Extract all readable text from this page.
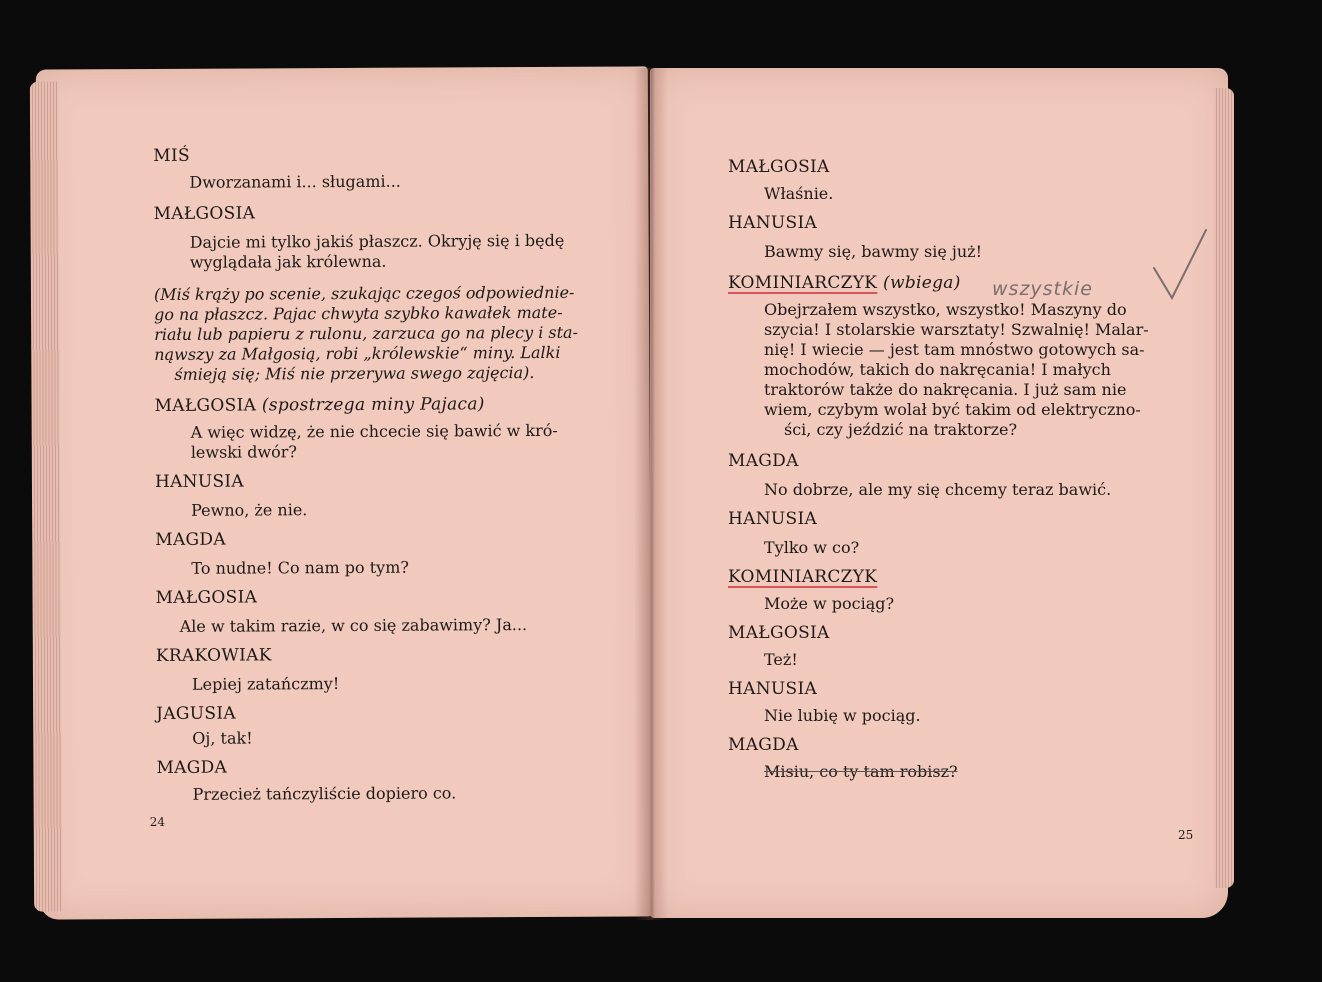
MIŚ

Dworzanami i... sługami...

MAŁGOSIA

Dajcie mi tylko jakiś płaszcz. Okryję się i będę

wyglądała jak królewna.

(Miś krąży po scenie, szukając czegoś odpowiednie-

go na płaszcz. Pajac chwyta szybko kawałek mate-

riału lub papieru z rulonu, zarzuca go na plecy i sta-

nąwszy za Małgosią, robi „królewskie“ miny. Lalki

śmieją się; Miś nie przerywa swego zajęcia).

MAŁGOSIA (spostrzega miny Pajaca)

A więc widzę, że nie chcecie się bawić w kró-

lewski dwór?

HANUSIA

Pewno, że nie.

MAGDA

To nudne! Co nam po tym?

MAŁGOSIA

Ale w takim razie, w co się zabawimy? Ja...

KRAKOWIAK

Lepiej zatańczmy!

JAGUSIA

Oj, tak!

MAGDA

Przecież tańczyliście dopiero co.

24

MAŁGOSIA

Właśnie.

HANUSIA

Bawmy się, bawmy się już!

KOMINIARCZYK (wbiega)

Obejrzałem wszystko, wszystko! Maszyny do

szycia! I stolarskie warsztaty! Szwalnię! Malar-

nię! I wiecie — jest tam mnóstwo gotowych sa-

mochodów, takich do nakręcania! I małych

traktorów także do nakręcania. I już sam nie

wiem, czybym wolał być takim od elektryczno-

ści, czy jeździć na traktorze?

MAGDA

No dobrze, ale my się chcemy teraz bawić.

HANUSIA

Tylko w co?

KOMINIARCZYK

Może w pociąg?

MAŁGOSIA

Też!

HANUSIA

Nie lubię w pociąg.

MAGDA

Misiu, co ty tam robisz?

wszystkie
25
